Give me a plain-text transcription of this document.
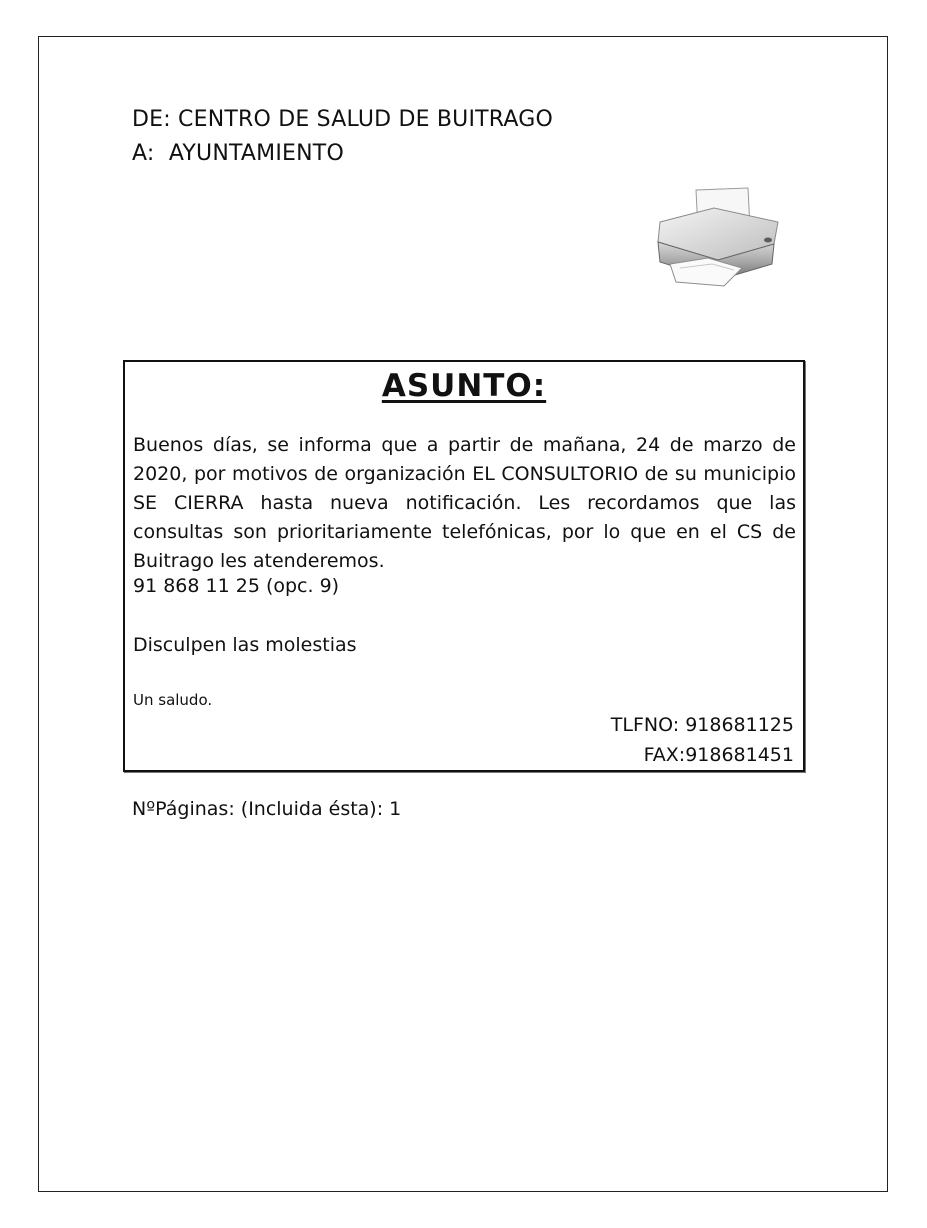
DE: CENTRO DE SALUD DE BUITRAGO
A:  AYUNTAMIENTO
ASUNTO:
Buenos días, se informa que a partir de mañana, 24 de marzo de 2020, por motivos de organización EL CONSULTORIO de su municipio SE CIERRA hasta nueva notificación. Les recordamos que las consultas son prioritariamente telefónicas, por lo que en el CS de Buitrago les atenderemos.
91 868 11 25 (opc. 9)
Disculpen las molestias
Un saludo.
TLFNO: 918681125
FAX:918681451
NºPáginas: (Incluida ésta): 1
